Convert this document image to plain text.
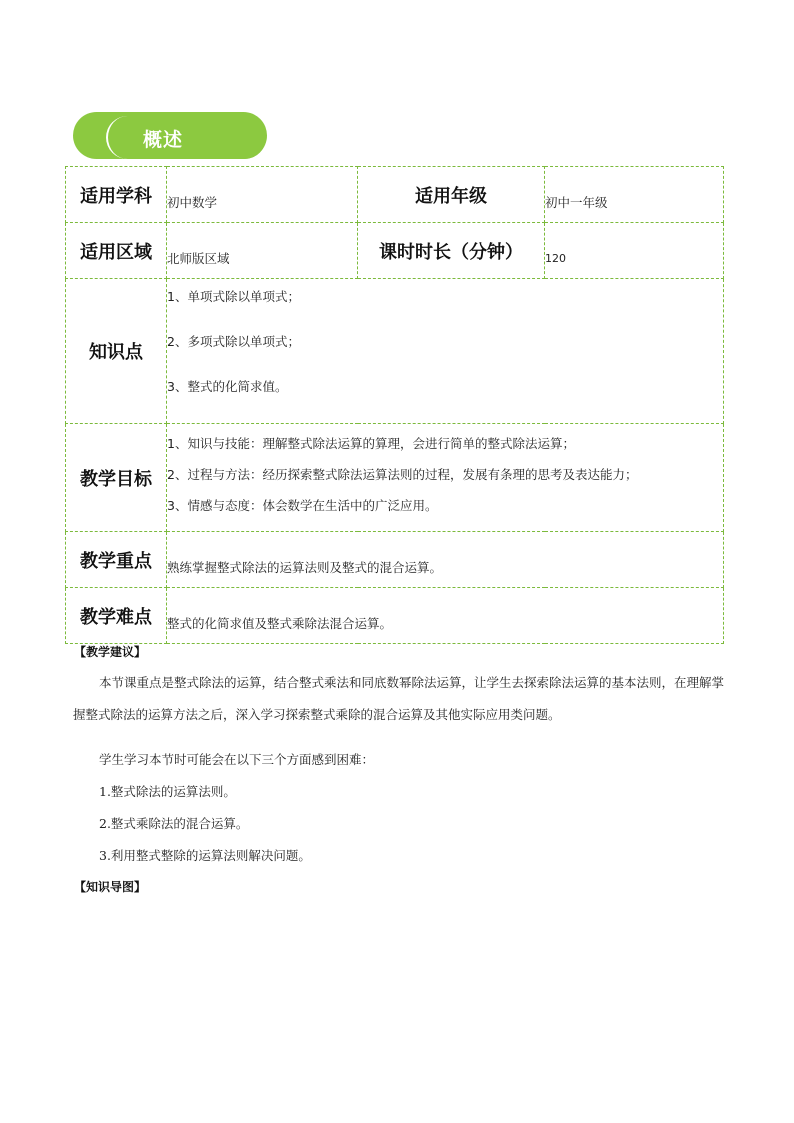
概述
适用学科	初中数学	适用年级	初中一年级

适用区域	北师版区域	课时时长（分钟）	120

知识点	1、单项式除以单项式；
2、多项式除以单项式；
3、整式的化简求值。		

教学目标	1、知识与技能：理解整式除法运算的算理，会进行简单的整式除法运算；
2、过程与方法：经历探索整式除法运算法则的过程，发展有条理的思考及表达能力；
3、情感与态度：体会数学在生活中的广泛应用。		

教学重点	熟练掌握整式除法的运算法则及整式的混合运算。		

教学难点	整式的化简求值及整式乘除法混合运算。		
【教学建议】
本节课重点是整式除法的运算，结合整式乘法和同底数幂除法运算，让学生去探索除法运算的基本法则，在理解掌握整式除法的运算方法之后，深入学习探索整式乘除的混合运算及其他实际应用类问题。
学生学习本节时可能会在以下三个方面感到困难：
1.整式除法的运算法则。
2.整式乘除法的混合运算。
3.利用整式整除的运算法则解决问题。
【知识导图】
